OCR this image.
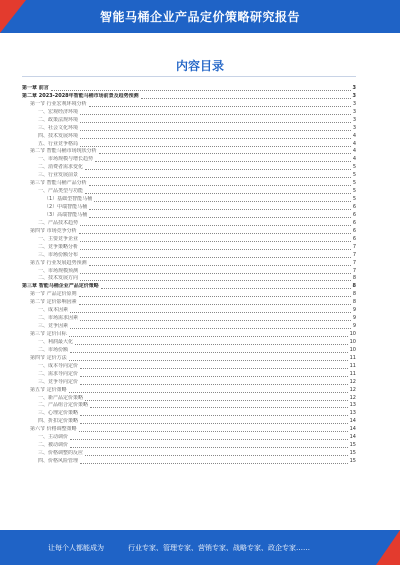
智能马桶企业产品定价策略研究报告
内容目录
第一章 前言	3
第二章 2023-2028年智能马桶市场前景及趋势预测	3
第一节 行业宏观环境分析	3
一、宏观经济环境	3
二、政策法规环境	3
三、社会文化环境	3
四、技术发展环境	4
五、行业竞争格局	4
第二节 智能马桶市场现状分析	4
一、市场规模与增长趋势	4
二、消费者需求变化	5
三、行业发展前景	5
第三节 智能马桶产品分析	5
一、产品类型与功能	5
（1）基础型智能马桶	5
（2）中端智能马桶	6
（3）高端智能马桶	6
二、产品技术趋势	6
第四节 市场竞争分析	6
一、主要竞争企业	6
二、竞争策略分析	7
三、市场份额分布	7
第五节 行业发展趋势预测	7
一、市场规模预测	7
二、技术发展方向	8
第三章 智能马桶企业产品定价策略	8
第一节 产品定价原则	8
第二节 定价影响因素	8
一、成本因素	9
二、市场需求因素	9
三、竞争因素	9
第三节 定价目标	10
一、利润最大化	10
二、市场份额	10
第四节 定价方法	11
一、成本导向定价	11
二、需求导向定价	11
三、竞争导向定价	12
第五节 定价策略	12
一、新产品定价策略	12
二、产品组合定价策略	13
三、心理定价策略	13
四、折扣定价策略	14
第六节 价格调整策略	14
一、主动调价	14
二、被动调价	15
三、价格调整的反应	15
四、价格风险管理	15
让每个人都能成为	行业专家、管理专家、营销专家、战略专家、政企专家……
